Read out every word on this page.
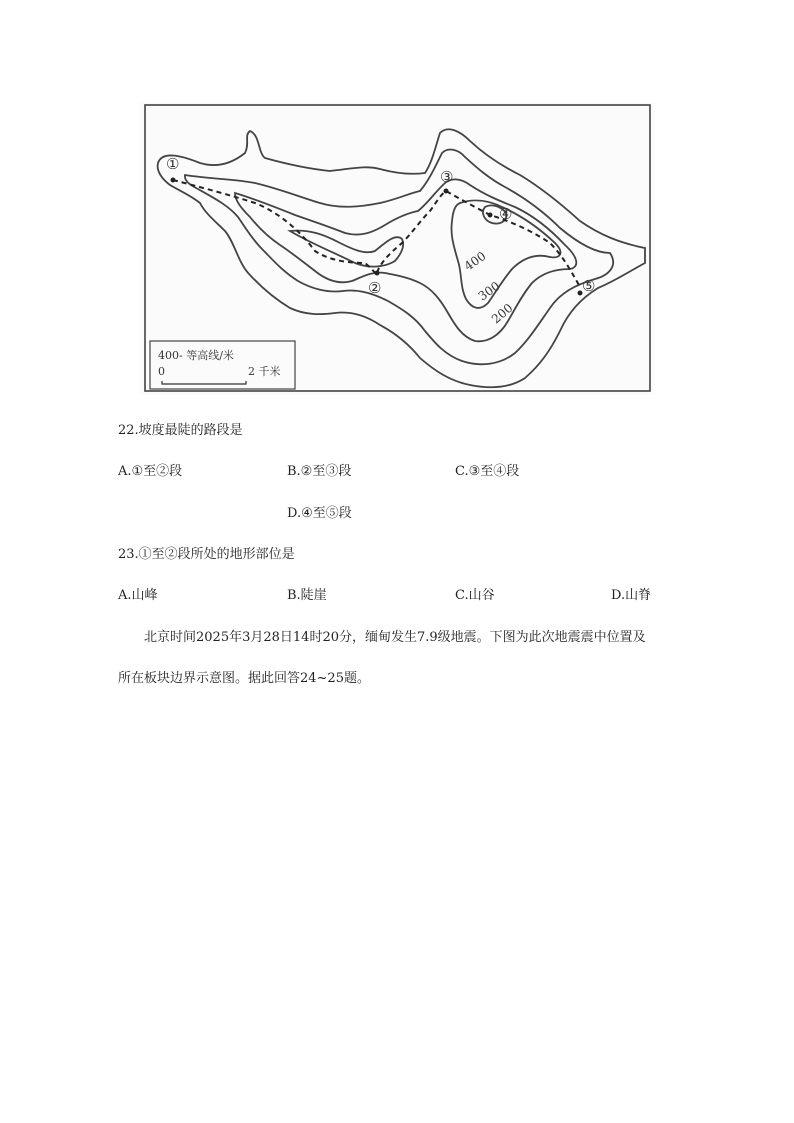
①
②
③
④
⑤
400
300
200
400- 等高线/米
0	2 千米
22.坡度最陡的路段是
A.①至②段	B.②至③段	C.③至④段
D.④至⑤段
23.①至②段所处的地形部位是
A.山峰	B.陡崖	C.山谷	D.山脊
北京时间2025年3月28日14时20分，缅甸发生7.9级地震。下图为此次地震震中位置及
所在板块边界示意图。据此回答24~25题。
